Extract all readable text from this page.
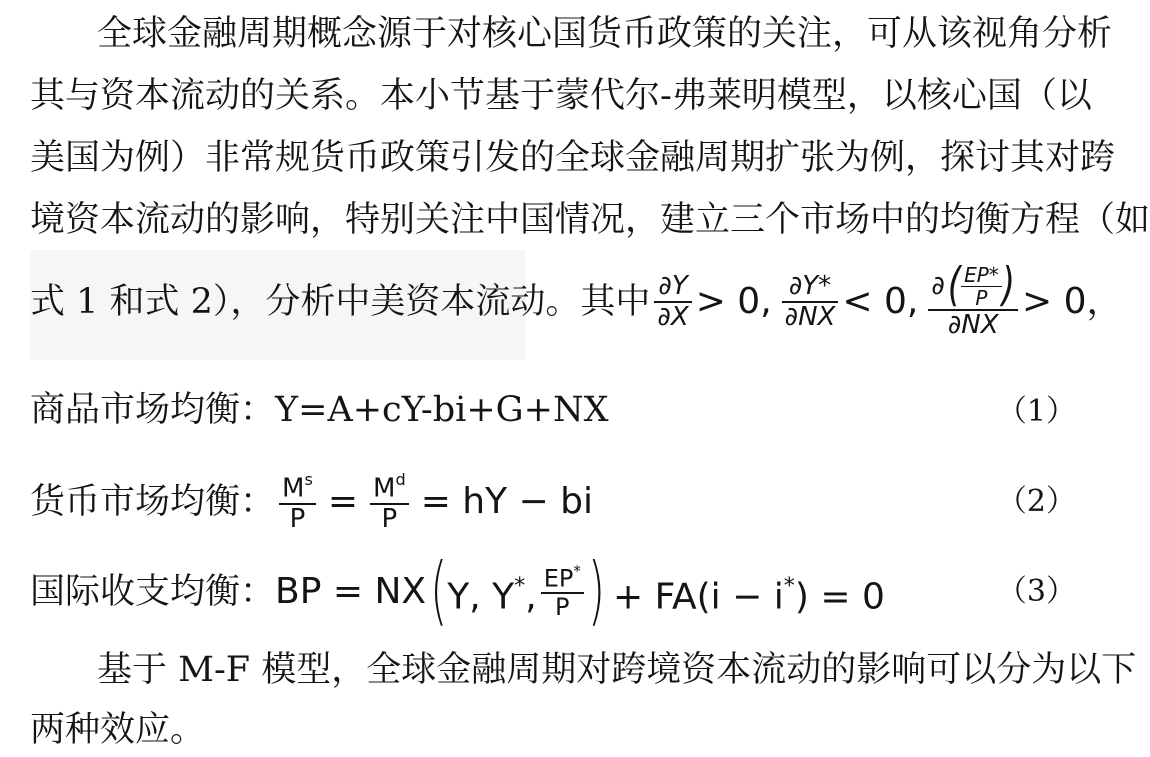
全球金融周期概念源于对核心国货币政策的关注，可从该视角分析
其与资本流动的关系。本小节基于蒙代尔-弗莱明模型，以核心国（以
美国为例）非常规货币政策引发的全球金融周期扩张为例，探讨其对跨
境资本流动的影响，特别关注中国情况，建立三个市场中的均衡方程（如
式 1 和式 2），分析中美资本流动。其中 $\frac{\partial Y}{\partial X} > 0$, $\frac{\partial Y*}{\partial NX} < 0$, ∂ ( $\frac{EP*}{P}$ )
∂NX
> 0，
商品市场均衡：Y=A+cY-bi+G+NX	（1）
货币市场均衡： $\frac{M^s}{P} = \frac{M^d}{P}$ = hY − bi	（2）
国际收支均衡： BP = NX ( Y, Y*, $\frac{EP^*}{P}$ ) + FA(i − i*) = 0	（3）
基于 M-F 模型，全球金融周期对跨境资本流动的影响可以分为以下
两种效应。
